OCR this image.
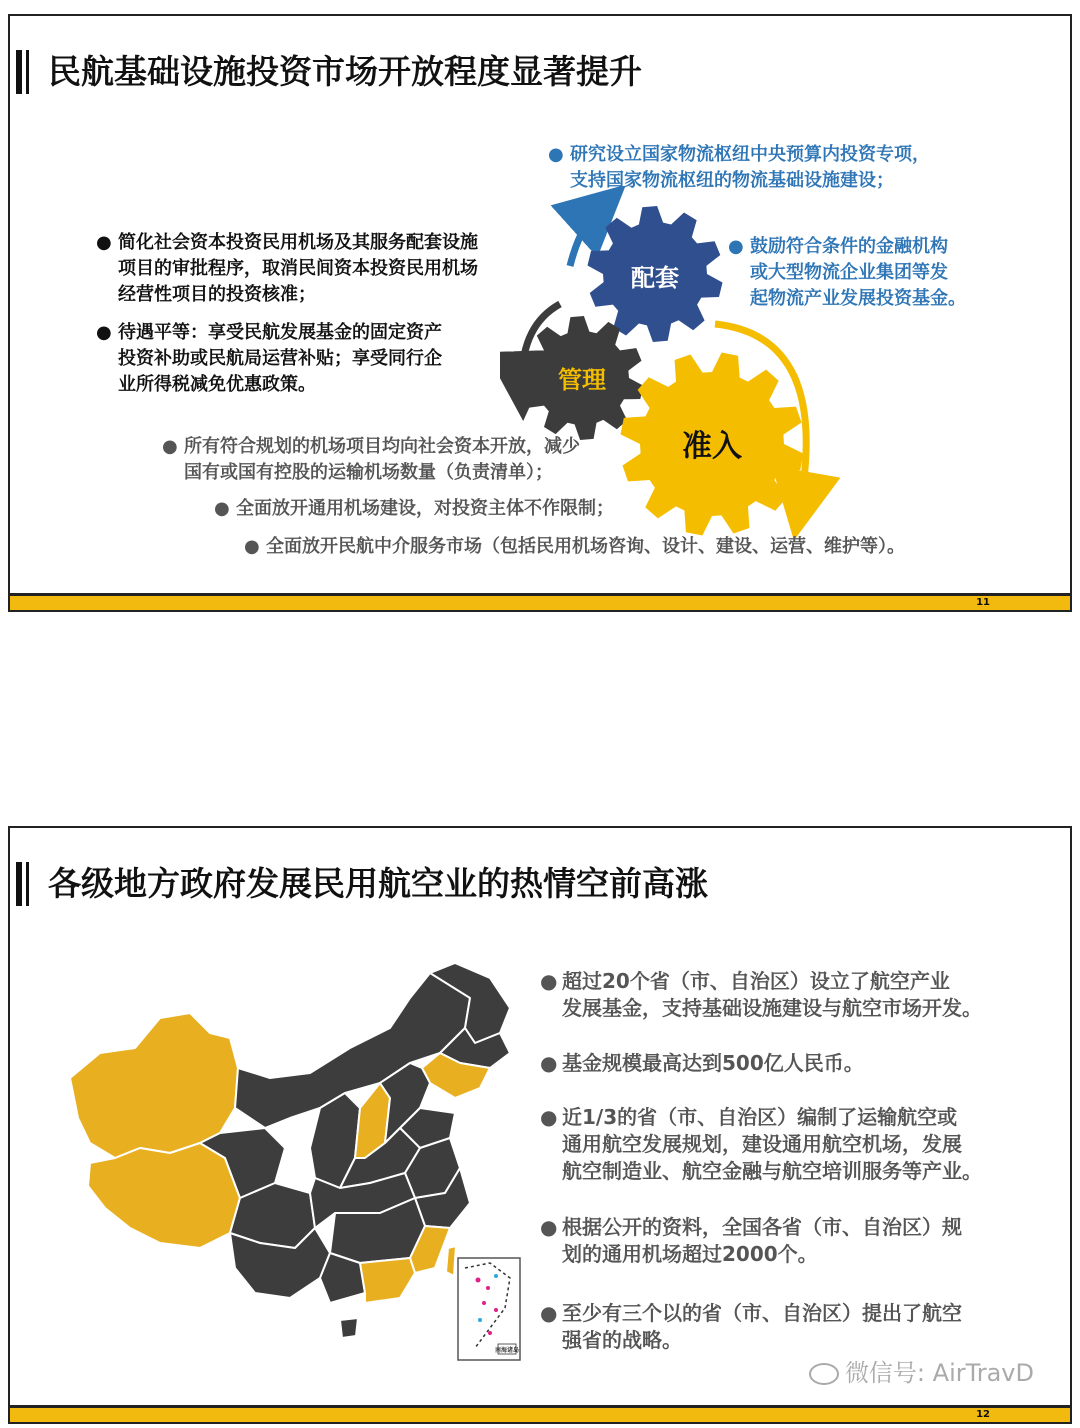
民航基础设施投资市场开放程度显著提升
● 研究设立国家物流枢纽中央预算内投资专项，
支持国家物流枢纽的物流基础设施建设；
● 鼓励符合条件的金融机构
或大型物流企业集团等发
起物流产业发展投资基金。
● 简化社会资本投资民用机场及其服务配套设施
项目的审批程序，取消民间资本投资民用机场
经营性项目的投资核准；
● 待遇平等：享受民航发展基金的固定资产
投资补助或民航局运营补贴；享受同行企
业所得税减免优惠政策。
配套
管理
准入
● 所有符合规划的机场项目均向社会资本开放，减少
国有或国有控股的运输机场数量（负责清单）；
● 全面放开通用机场建设，对投资主体不作限制；
● 全面放开民航中介服务市场（包括民用机场咨询、设计、建设、运营、维护等）。
11
各级地方政府发展民用航空业的热情空前高涨
南海诸岛
● 超过20个省（市、自治区）设立了航空产业
发展基金，支持基础设施建设与航空市场开发。
● 基金规模最高达到500亿人民币。
● 近1/3的省（市、自治区）编制了运输航空或
通用航空发展规划，建设通用航空机场，发展
航空制造业、航空金融与航空培训服务等产业。
● 根据公开的资料，全国各省（市、自治区）规
划的通用机场超过2000个。
● 至少有三个以的省（市、自治区）提出了航空
强省的战略。
微信号: AirTravD
12
